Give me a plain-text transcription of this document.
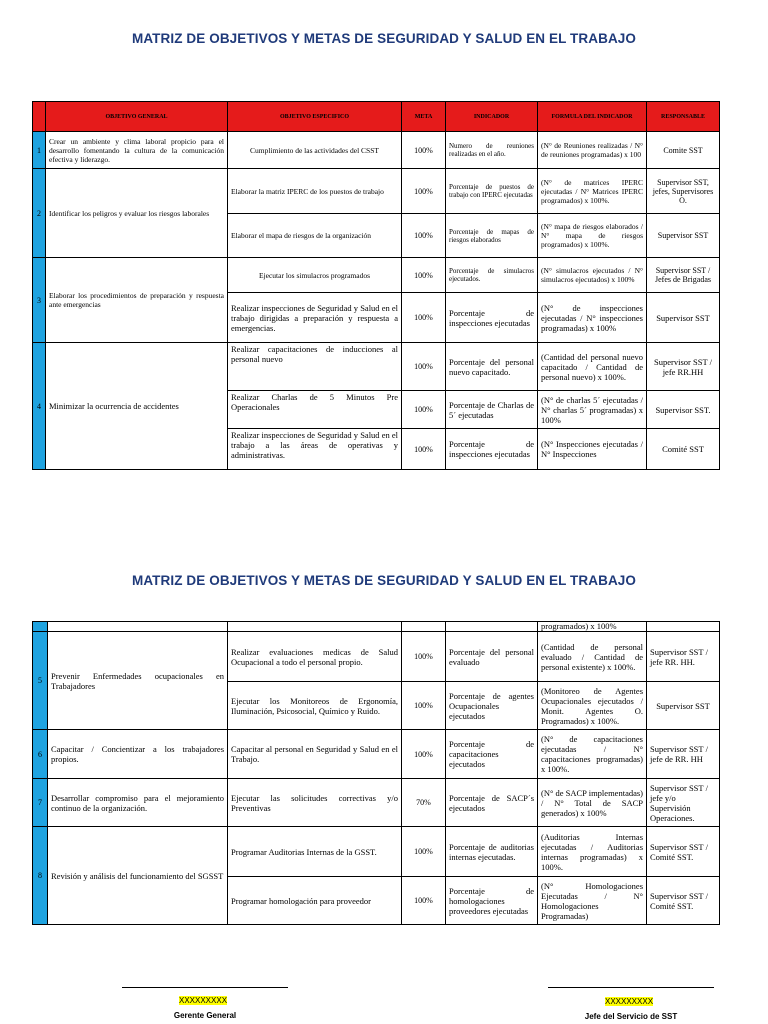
MATRIZ DE OBJETIVOS Y METAS DE SEGURIDAD Y SALUD EN EL TRABAJO
	OBJETIVO GENERAL	OBJETIVO ESPECIFICO	META	INDICADOR	FORMULA DEL INDICADOR	RESPONSABLE
1	Crear un ambiente y clima laboral propicio para el desarrollo fomentando la cultura de la comunicación efectiva y liderazgo.	Cumplimiento de las actividades del CSST	100%	Numero de reuniones realizadas en el año.	(N° de Reuniones realizadas / N° de reuniones programadas) x 100	Comite SST
2	Identificar los peligros y evaluar los riesgos laborales	Elaborar la matriz IPERC de los puestos de trabajo	100%	Porcentaje de puestos de trabajo con IPERC ejecutadas	(N° de matrices IPERC ejecutadas / N° Matrices IPERC programados) x 100%.	Supervisor SST, jefes, Supervisores O.
		Elaborar el mapa de riesgos de la organización	100%	Porcentaje de mapas de riesgos elaborados	(N° mapa de riesgos elaborados / N° mapa de riesgos programados) x 100%.	Supervisor SST
3	Elaborar los procedimientos de preparación y respuesta ante emergencias	Ejecutar los simulacros programados	100%	Porcentaje de simulacros ejecutados.	(N° simulacros ejecutados / N° simulacros ejecutados) x 100%	Supervisor SST / Jefes de Brigadas
		Realizar inspecciones de Seguridad y Salud en el trabajo dirigidas a preparación y respuesta a emergencias.	100%	Porcentaje de inspecciones ejecutadas	(N° de inspecciones ejecutadas / N° inspecciones programadas) x 100%	Supervisor SST
4	Minimizar la ocurrencia de accidentes	Realizar capacitaciones de inducciones al personal nuevo	100%	Porcentaje del personal nuevo capacitado.	(Cantidad del personal nuevo capacitado / Cantidad de personal nuevo) x 100%.	Supervisor SST / jefe RR.HH
		Realizar Charlas de 5 Minutos Pre Operacionales	100%	Porcentaje de Charlas de 5´ ejecutadas	(N° de charlas 5´ ejecutadas / N° charlas 5´ programadas) x 100%	Supervisor SST.
		Realizar inspecciones de Seguridad y Salud en el trabajo a las áreas de operativas y administrativas.	100%	Porcentaje de inspecciones ejecutadas	(N° Inspecciones ejecutadas / N° Inspecciones	Comité SST
MATRIZ DE OBJETIVOS Y METAS DE SEGURIDAD Y SALUD EN EL TRABAJO
					programados) x 100%	
5	Prevenir Enfermedades ocupacionales en Trabajadores	Realizar evaluaciones medicas de Salud Ocupacional a todo el personal propio.	100%	Porcentaje del personal evaluado	(Cantidad de personal evaluado / Cantidad de personal existente) x 100%.	Supervisor SST / jefe RR. HH.
		Ejecutar los Monitoreos de Ergonomía, Iluminación, Psicosocial, Químico y Ruido.	100%	Porcentaje de agentes Ocupacionales ejecutados	(Monitoreo de Agentes Ocupacionales ejecutados / Monit. Agentes O. Programados) x 100%.	Supervisor SST
6	Capacitar / Concientizar a los trabajadores propios.	Capacitar al personal en Seguridad y Salud en el Trabajo.	100%	Porcentaje de capacitaciones ejecutados	(N° de capacitaciones ejecutadas / N° capacitaciones programadas) x 100%.	Supervisor SST / jefe de RR. HH
7	Desarrollar compromiso para el mejoramiento continuo de la organización.	Ejecutar las solicitudes correctivas y/o Preventivas	70%	Porcentaje de SACP´s ejecutados	(N° de SACP implementadas) / N° Total de SACP generados) x 100%	Supervisor SST / jefe y/o Supervisión Operaciones.
8	Revisión y análisis del funcionamiento del SGSST	Programar Auditorias Internas de la GSST.	100%	Porcentaje de auditorias internas ejecutadas.	(Auditorias Internas ejecutadas / Auditorias internas programadas) x 100%.	Supervisor SST / Comité SST.
		Programar homologación para proveedor	100%	Porcentaje de homologaciones proveedores ejecutadas	(N° Homologaciones Ejecutadas / N° Homologaciones Programadas)	Supervisor SST / Comité SST.
XXXXXXXXX
Gerente General
XXXXXXXXX
Jefe del Servicio de SST
